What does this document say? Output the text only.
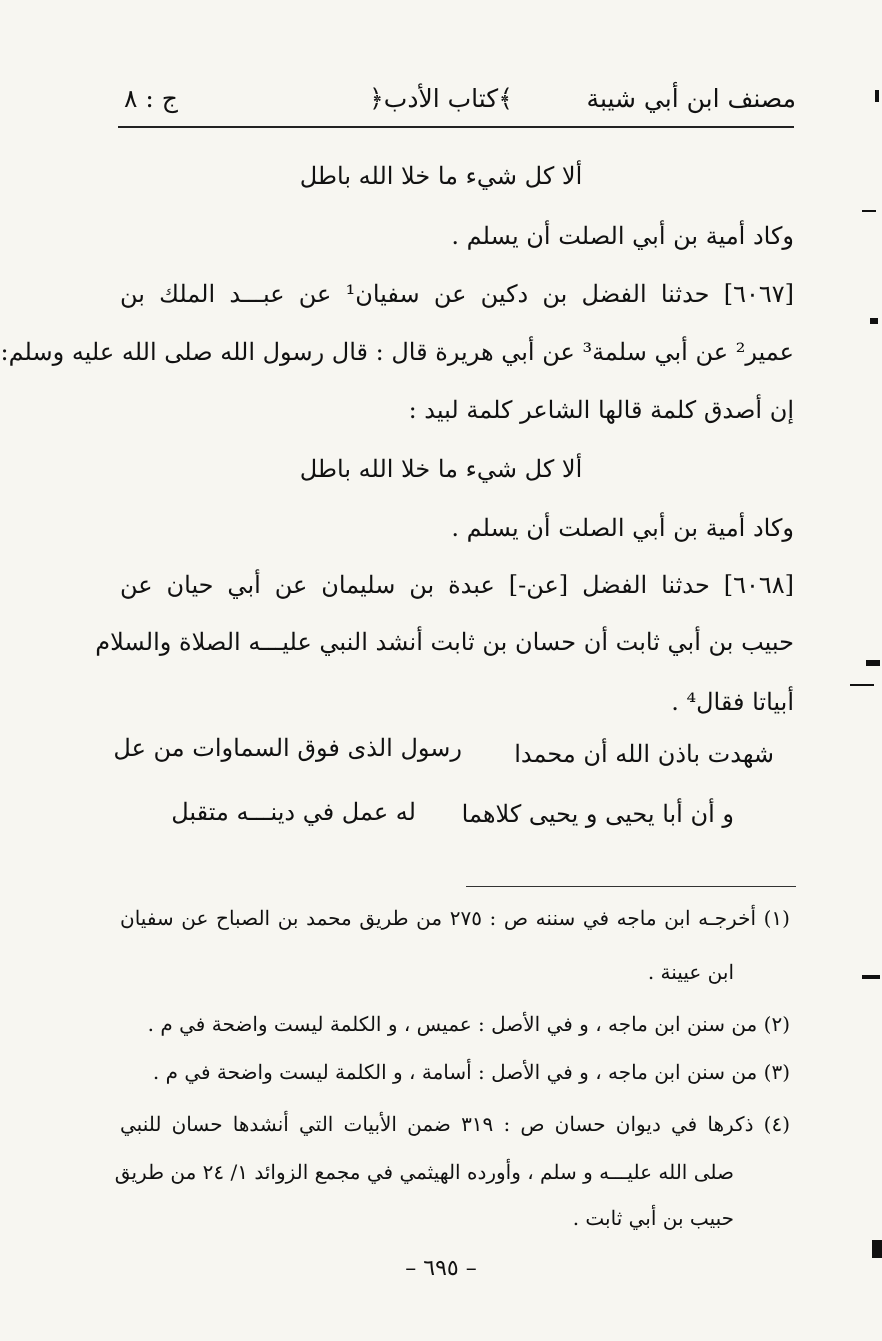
مصنف ابن أبي شيبة
﴿كتاب الأدب﴾
ج : ٨
ألا كل شيء ما خلا الله باطل
وكاد أمية بن أبي الصلت أن يسلم .
[٦٠٦٧] حدثنا الفضل بن دكين عن سفيان¹ عن عبـــد الملك بن
عمير² عن أبي سلمة³ عن أبي هريرة قال : قال رسول الله صلى الله عليه وسلم:
إن أصدق كلمة قالها الشاعر كلمة لبيد :
ألا كل شيء ما خلا الله باطل
وكاد أمية بن أبي الصلت أن يسلم .
[٦٠٦٨] حدثنا الفضل [عن-] عبدة بن سليمان عن أبي حيان عن
حبيب بن أبي ثابت أن حسان بن ثابت أنشد النبي عليـــه الصلاة والسلام
أبياتا فقال⁴ .
شهدت باذن الله أن محمدا
رسول الذى فوق السماوات من عل
و أن أبا يحيى و يحيى كلاهما
له عمل في دينـــه متقبل
(١) أخرجـه ابن ماجه في سننه ص : ٢٧٥ من طريق محمد بن الصباح عن سفيان
ابن عيينة .
(٢) من سنن ابن ماجه ، و في الأصل : عميس ، و الكلمة ليست واضحة في م .
(٣) من سنن ابن ماجه ، و في الأصل : أسامة ، و الكلمة ليست واضحة في م .
(٤) ذكرها في ديوان حسان ص : ٣١٩ ضمن الأبيات التي أنشدها حسان للنبي
صلى الله عليـــه و سلم ، وأورده الهيثمي في مجمع الزوائد ١/ ٢٤ من طريق
حبيب بن أبي ثابت .
– ٦٩٥ –
